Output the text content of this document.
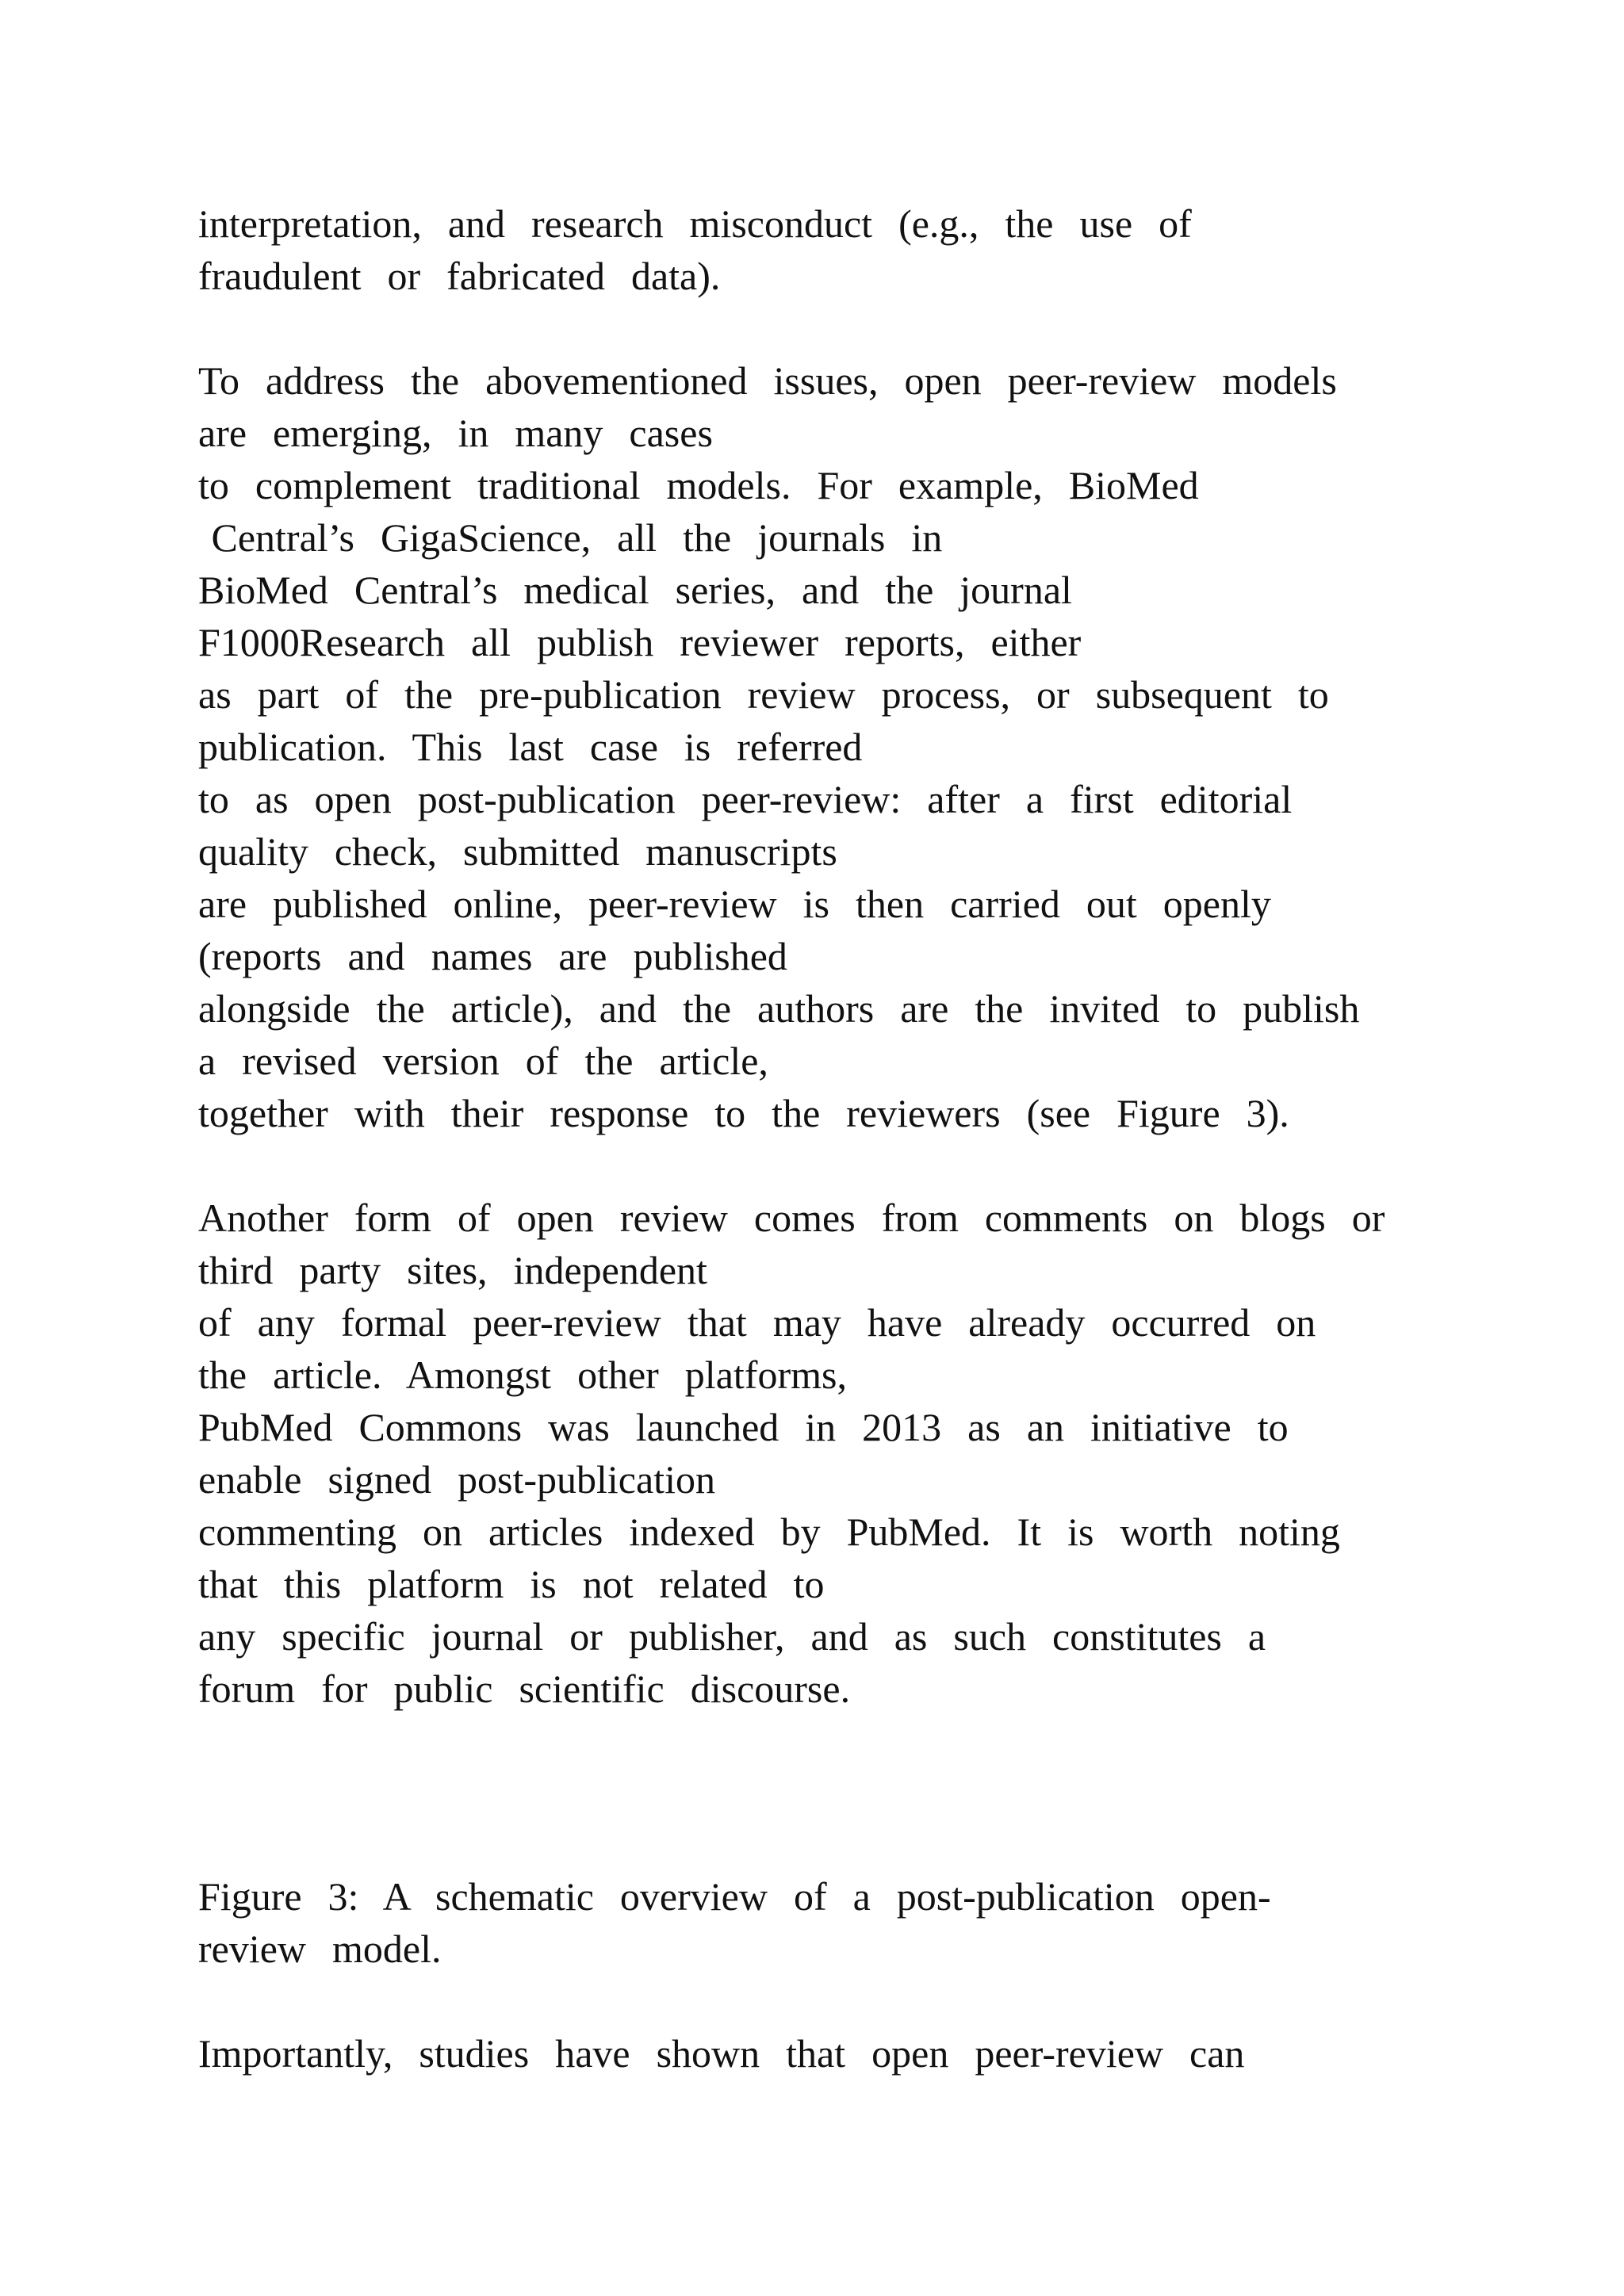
interpretation,  and  research  misconduct  (e.g.,  the  use  of

fraudulent  or  fabricated  data).

To  address  the  abovementioned  issues,  open  peer-review  models

are  emerging,  in  many  cases

to  complement  traditional  models.  For  example,  BioMed

Central’s  GigaScience,  all  the  journals  in

BioMed  Central’s  medical  series,  and  the  journal

F1000Research  all  publish  reviewer  reports,  either

as  part  of  the  pre-publication  review  process,  or  subsequent  to

publication.  This  last  case  is  referred

to  as  open  post-publication  peer-review:  after  a  first  editorial

quality  check,  submitted  manuscripts

are  published  online,  peer-review  is  then  carried  out  openly

(reports  and  names  are  published

alongside  the  article),  and  the  authors  are  the  invited  to  publish

a  revised  version  of  the  article,

together  with  their  response  to  the  reviewers  (see  Figure  3).

Another  form  of  open  review  comes  from  comments  on  blogs  or

third  party  sites,  independent

of  any  formal  peer-review  that  may  have  already  occurred  on

the  article.  Amongst  other  platforms,

PubMed  Commons  was  launched  in  2013  as  an  initiative  to

enable  signed  post-publication

commenting  on  articles  indexed  by  PubMed.  It  is  worth  noting

that  this  platform  is  not  related  to

any  specific  journal  or  publisher,  and  as  such  constitutes  a

forum  for  public  scientific  discourse.

Figure  3:  A  schematic  overview  of  a  post-publication  open-

review  model.

Importantly,  studies  have  shown  that  open  peer-review  can
